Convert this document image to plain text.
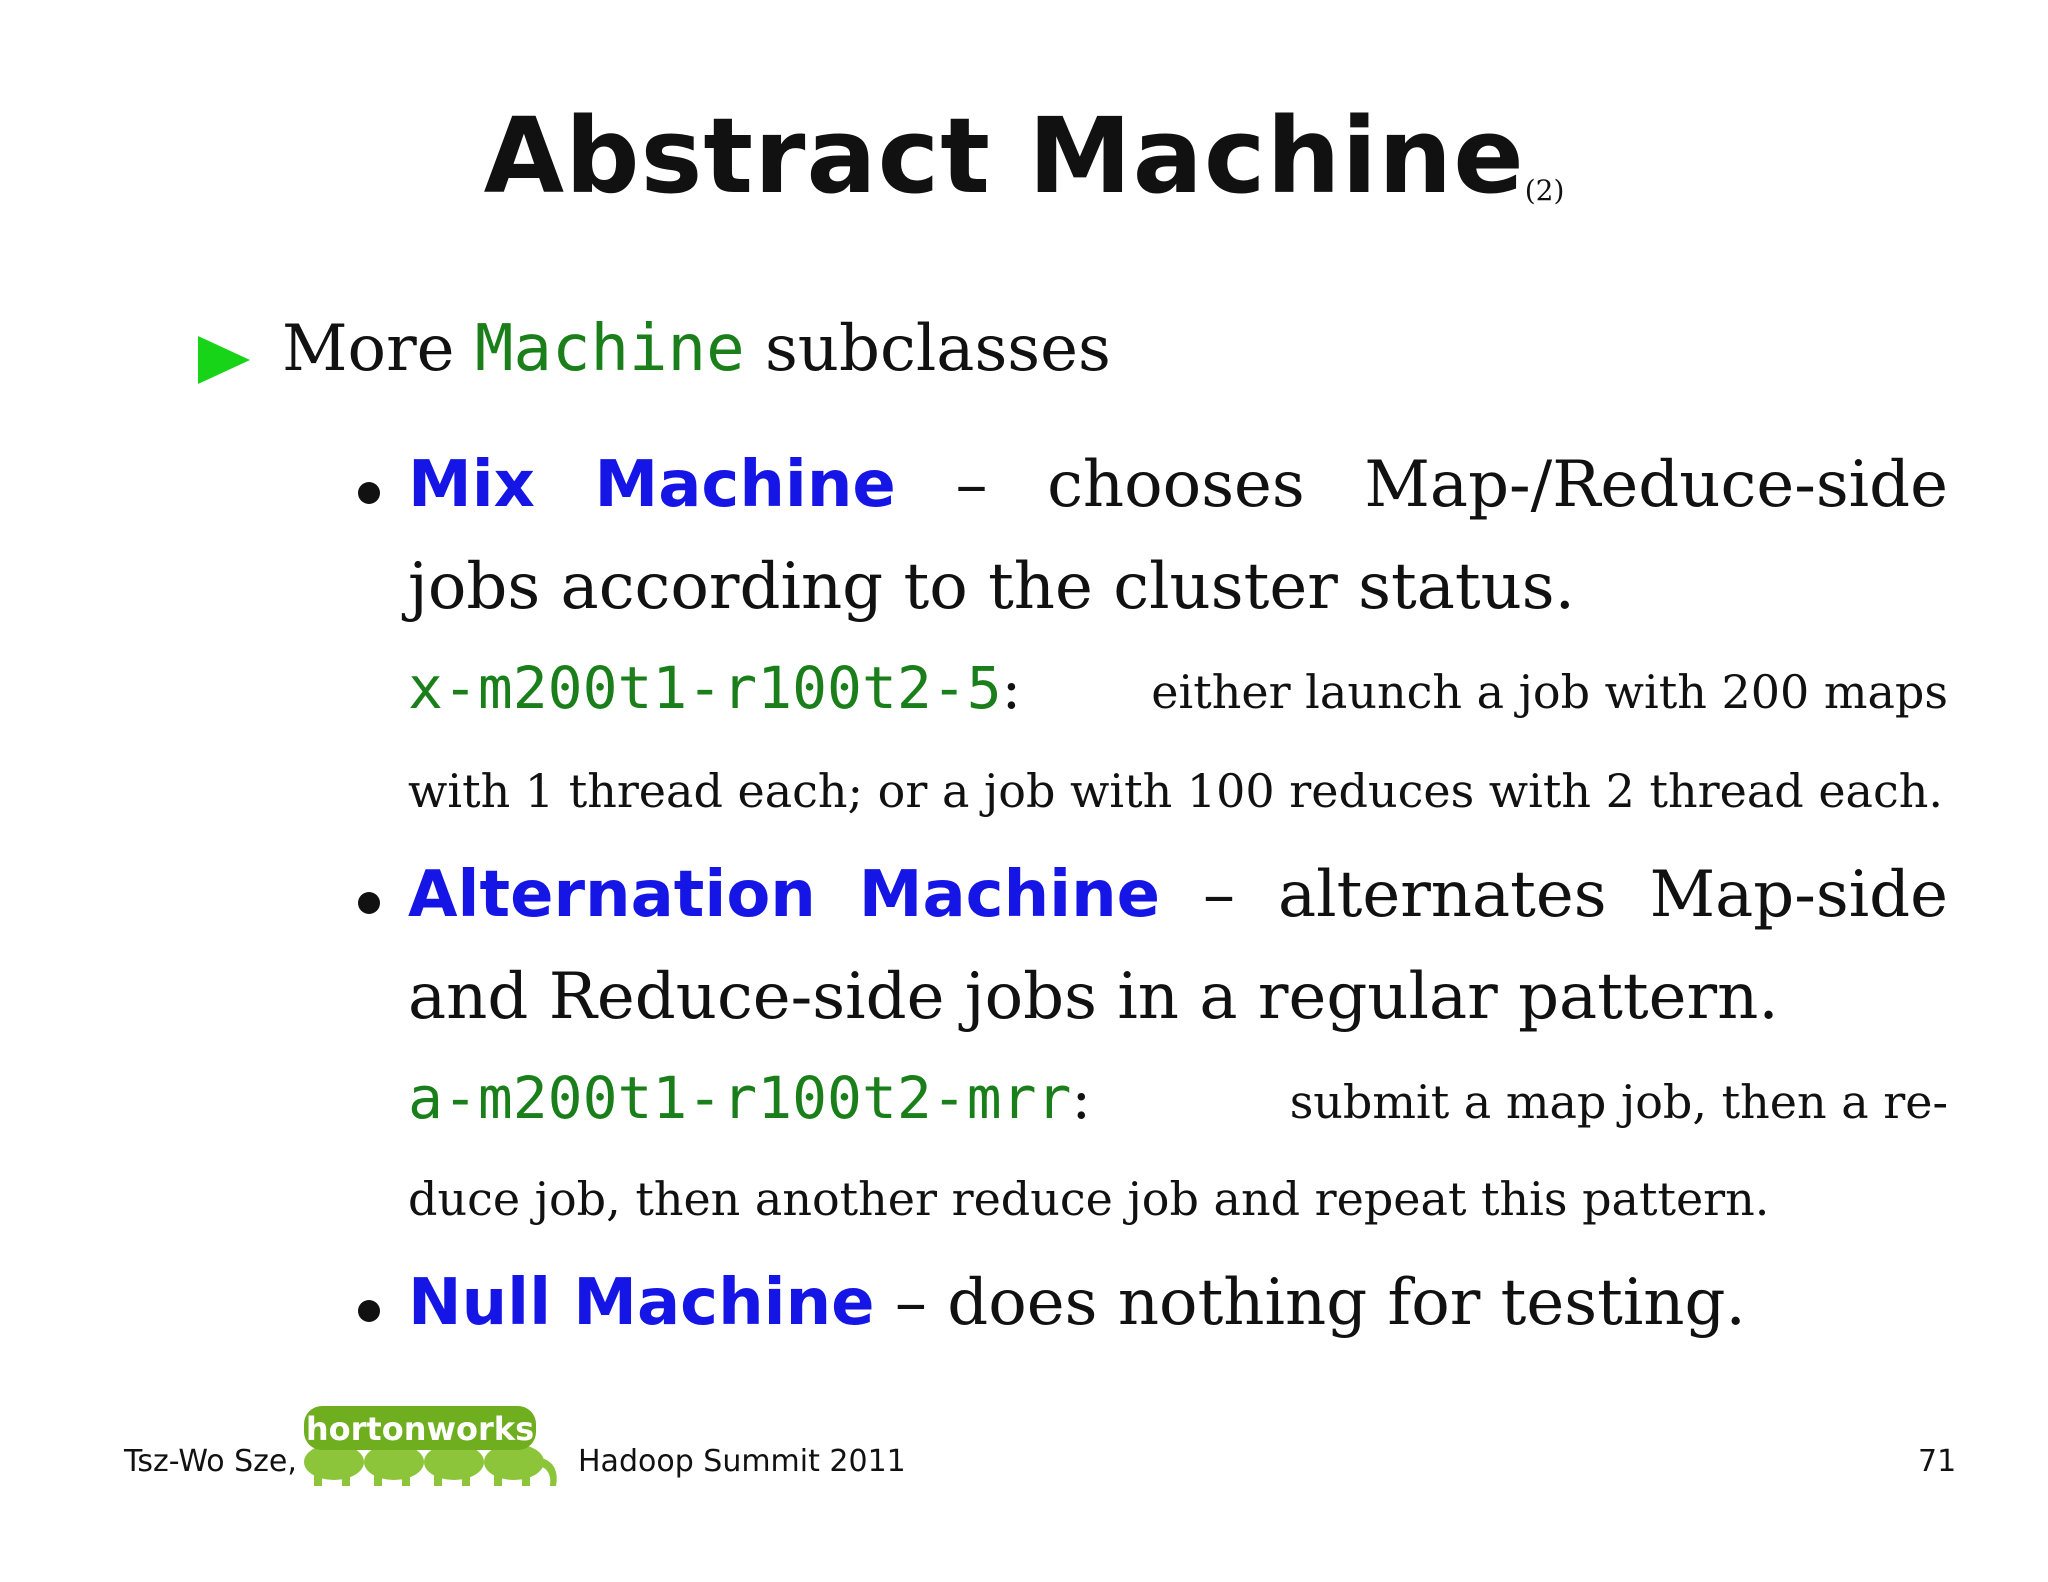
Abstract Machine$_{(2)}$
More Machine subclasses
Mix Machine – chooses Map-/Reduce-side
jobs according to the cluster status.
x-m200t1-r100t2-5:	either launch a job with 200 maps
with 1 thread each; or a job with 100 reduces with 2 thread each.
Alternation Machine – alternates Map-side
and Reduce-side jobs in a regular pattern.
a-m200t1-r100t2-mrr:	submit a map job, then a re-
duce job, then another reduce job and repeat this pattern.
Null Machine – does nothing for testing.
Tsz-Wo Sze,
hortonworks
Hadoop Summit 2011	71
